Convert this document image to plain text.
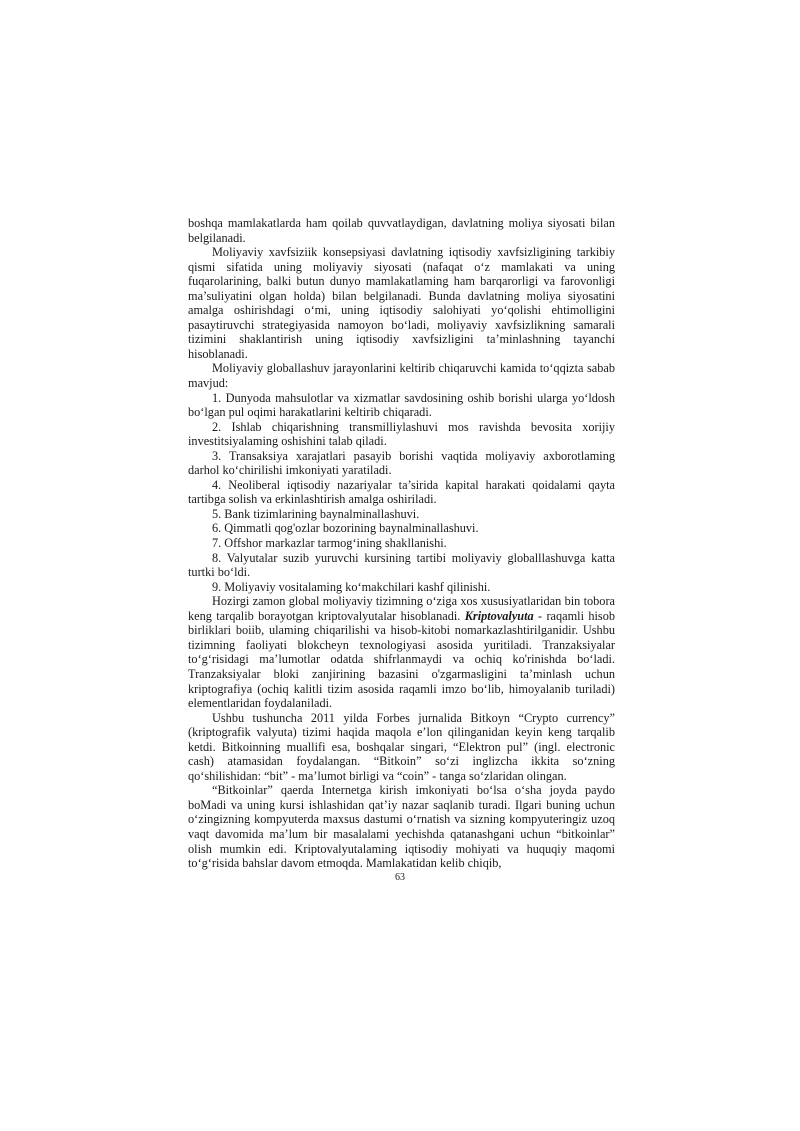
boshqa mamlakatlarda ham qoilab quvvatlaydigan, davlatning moliya siyosati bilan belgilanadi.

Moliyaviy xavfsiziik konsepsiyasi davlatning iqtisodiy xavfsizligining tarkibiy qismi sifatida uning moliyaviy siyosati (nafaqat o‘z mamlakati va uning fuqarolarining, balki butun dunyo mamlakatlaming ham barqarorligi va farovonligi ma’suliyatini olgan holda) bilan belgilanadi. Bunda davlatning moliya siyosatini amalga oshirishdagi o‘mi, uning iqtisodiy salohiyati yo‘qolishi ehtimolligini pasaytiruvchi strategiyasida namoyon bo‘ladi, moliyaviy xavfsizlikning samarali tizimini shaklantirish uning iqtisodiy xavfsizligini ta’minlashning tayanchi hisoblanadi.

Moliyaviy globallashuv jarayonlarini keltirib chiqaruvchi kamida to‘qqizta sabab mavjud:

1. Dunyoda mahsulotlar va xizmatlar savdosining oshib borishi ularga yo‘ldosh bo‘lgan pul oqimi harakatlarini keltirib chiqaradi.

2. Ishlab chiqarishning transmilliylashuvi mos ravishda bevosita xorijiy investitsiyalaming oshishini talab qiladi.

3. Transaksiya xarajatlari pasayib borishi vaqtida moliyaviy axborotlaming darhol ko‘chirilishi imkoniyati yaratiladi.

4. Neoliberal iqtisodiy nazariyalar ta’sirida kapital harakati qoidalami qayta tartibga solish va erkinlashtirish amalga oshiriladi.

5. Bank tizimlarining baynalminallashuvi.

6. Qimmatli qog'ozlar bozorining baynalminallashuvi.

7. Offshor markazlar tarmog‘ining shakllanishi.

8. Valyutalar suzib yuruvchi kursining tartibi moliyaviy globalllashuvga katta turtki bo‘ldi.

9. Moliyaviy vositalaming ko‘makchilari kashf qilinishi.

Hozirgi zamon global moliyaviy tizimning o‘ziga xos xususiyatlaridan bin tobora keng tarqalib borayotgan kriptovalyutalar hisoblanadi. Kriptovalyuta - raqamli hisob birliklari boiib, ulaming chiqarilishi va hisob-kitobi nomarkazlashtirilganidir. Ushbu tizimning faoliyati blokcheyn texnologiyasi asosida yuritiladi. Tranzaksiyalar to‘g‘risidagi ma’lumotlar odatda shifrlanmaydi va ochiq ko'rinishda bo‘ladi. Tranzaksiyalar bloki zanjirining bazasini o'zgarmasligini ta’minlash uchun kriptografiya (ochiq kalitli tizim asosida raqamli imzo bo‘lib, himoyalanib turiladi) elementlaridan foydalaniladi.

Ushbu tushuncha 2011 yilda Forbes jurnalida Bitkoyn “Crypto currency” (kriptografik valyuta) tizimi haqida maqola e’lon qilinganidan keyin keng tarqalib ketdi. Bitkoinning muallifi esa, boshqalar singari, “Elektron pul” (ingl. electronic cash) atamasidan foydalangan. “Bitkoin” so‘zi inglizcha ikkita so‘zning qo‘shilishidan: “bit” - ma’lumot birligi va “coin” - tanga so‘zlaridan olingan.

“Bitkoinlar” qaerda Internetga kirish imkoniyati bo‘lsa o‘sha joyda paydo boMadi va uning kursi ishlashidan qat’iy nazar saqlanib turadi. Ilgari buning uchun o‘zingizning kompyuterda maxsus dastumi o‘rnatish va sizning kompyuteringiz uzoq vaqt davomida ma’lum bir masalalami yechishda qatanashgani uchun “bitkoinlar” olish mumkin edi. Kriptovalyutalaming iqtisodiy mohiyati va huquqiy maqomi to‘g‘risida bahslar davom etmoqda. Mamlakatidan kelib chiqib,

63
